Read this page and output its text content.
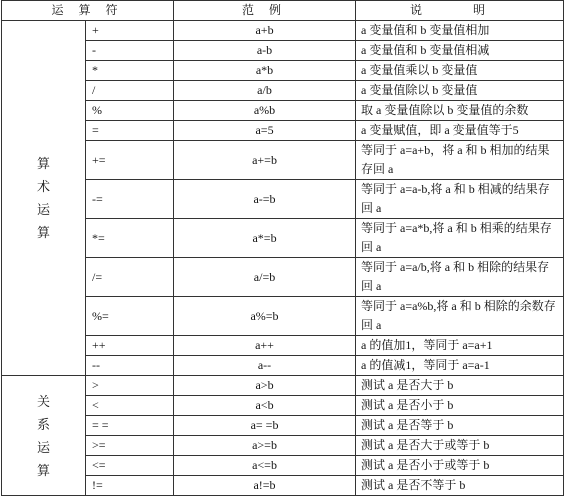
运 算 符		范 例	说 明

算
术
运
算	+	a+b	a 变量值和 b 变量值相加
	-	a-b	a 变量值和 b 变量值相减
	*	a*b	a 变量值乘以 b 变量值
	/	a/b	a 变量值除以 b 变量值
	%	a%b	取 a 变量值除以 b 变量值的余数
	=	a=5	a 变量赋值，即 a 变量值等于5
	+=	a+=b	等同于 a=a+b，将 a 和 b 相加的结果存回 a
	-=	a-=b	等同于 a=a-b,将 a 和 b 相减的结果存回 a
	*=	a*=b	等同于 a=a*b,将 a 和 b 相乘的结果存回 a
	/=	a/=b	等同于 a=a/b,将 a 和 b 相除的结果存回 a
	%=	a%=b	等同于 a=a%b,将 a 和 b 相除的余数存回 a
	++	a++	a 的值加1，等同于 a=a+1
	--	a--	a 的值减1，等同于 a=a-1

关
系
运
算	>	a>b	测试 a 是否大于 b
	<	a<b	测试 a 是否小于 b
	= =	a= =b	测试 a 是否等于 b
	>=	a>=b	测试 a 是否大于或等于 b
	<=	a<=b	测试 a 是否小于或等于 b
	!=	a!=b	测试 a 是否不等于 b
